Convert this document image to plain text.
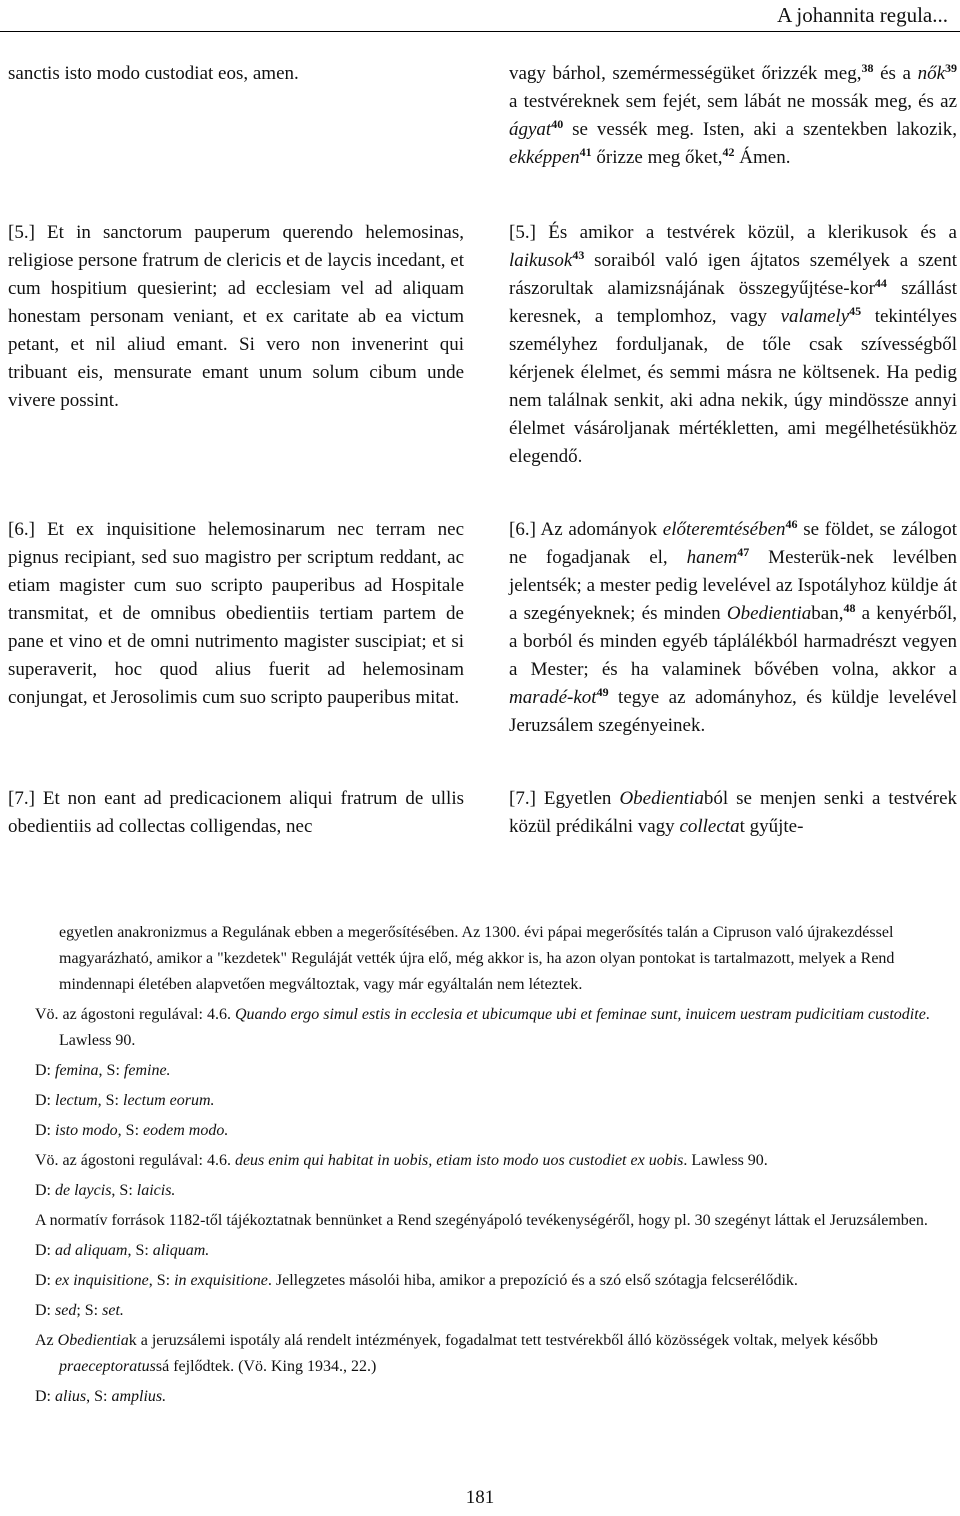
A johannita regula...

sanctis isto modo custodiat eos, amen.

[5.] Et in sanctorum pauperum querendo helemosinas, religiose persone fratrum de clericis et de laycis incedant, et cum hospitium quesierint; ad ecclesiam vel ad aliquam honestam personam veniant, et ex caritate ab ea victum petant, et nil aliud emant. Si vero non invenerint qui tribuant eis, mensurate emant unum solum cibum unde vivere possint.

[6.] Et ex inquisitione helemosinarum nec terram nec pignus recipiant, sed suo magistro per scriptum reddant, ac etiam magister cum suo scripto pauperibus ad Hospitale transmitat, et de omnibus obedientiis tertiam partem de pane et vino et de omni nutrimento magister suscipiat; et si superaverit, hoc quod alius fuerit ad helemosinam conjungat, et Jerosolimis cum suo scripto pauperibus mitat.

[7.] Et non eant ad predicacionem aliqui fratrum de ullis obedientiis ad collectas colligendas, nec

vagy bárhol, szemérmességüket őrizzék meg,$^{38}$ és a nők$^{39}$ a testvéreknek sem fejét, sem lábát ne mossák meg, és az ágyat$^{40}$ se vessék meg. Isten, aki a szentekben lakozik, ekképpen$^{41}$ őrizze meg őket,$^{42}$ Ámen.

[5.] És amikor a testvérek közül, a klerikusok és a laikusok$^{43}$ soraiból való igen ájtatos személyek a szent rászorultak alamizsnájának összegyűjtése-kor$^{44}$ szállást keresnek, a templomhoz, vagy valamely$^{45}$ tekintélyes személyhez forduljanak, de tőle csak szívességből kérjenek élelmet, és semmi másra ne költsenek. Ha pedig nem találnak senkit, aki adna nekik, úgy mindössze annyi élelmet vásároljanak mértékletten, ami megélhetésükhöz elegendő.

[6.] Az adományok előteremtésében$^{46}$ se földet, se zálogot ne fogadjanak el, hanem$^{47}$ Mesterük-nek levélben jelentsék; a mester pedig levelével az Ispotályhoz küldje át a szegényeknek; és minden Obedientiaban,$^{48}$ a kenyérből, a borból és minden egyéb táplálékból harmadrészt vegyen a Mester; és ha valaminek bővében volna, akkor a maradé-kot$^{49}$ tegye az adományhoz, és küldje levelével Jeruzsálem szegényeinek.

[7.] Egyetlen Obedientiaból se menjen senki a testvérek közül prédikálni vagy collectat gyűjte-

egyetlen anakronizmus a Regulának ebben a megerősítésében. Az 1300. évi pápai megerősítés talán a Cipruson való újrakezdéssel magyarázható, amikor a "kezdetek" Reguláját vették újra elő, még akkor is, ha azon olyan pontokat is tartalmazott, melyek a Rend mindennapi életében alapvetően megváltoztak, vagy már egyáltalán nem léteztek.

Vö. az ágostoni regulával: 4.6. Quando ergo simul estis in ecclesia et ubicumque ubi et feminae sunt, inuicem uestram pudicitiam custodite. Lawless 90.

D: femina, S: femine.

D: lectum, S: lectum eorum.

D: isto modo, S: eodem modo.

Vö. az ágostoni regulával: 4.6. deus enim qui habitat in uobis, etiam isto modo uos custodiet ex uobis. Lawless 90.

D: de laycis, S: laicis.

A normatív források 1182-től tájékoztatnak bennünket a Rend szegényápoló tevékenységéről, hogy pl. 30 szegényt láttak el Jeruzsálemben.

D: ad aliquam, S: aliquam.

D: ex inquisitione, S: in exquisitione. Jellegzetes másolói hiba, amikor a prepozíció és a szó első szótagja felcserélődik.

D: sed; S: set.

Az Obedientiak a jeruzsálemi ispotály alá rendelt intézmények, fogadalmat tett testvérekből álló közösségek voltak, melyek később praeceptoratussá fejlődtek. (Vö. King 1934., 22.)

D: alius, S: amplius.

181
